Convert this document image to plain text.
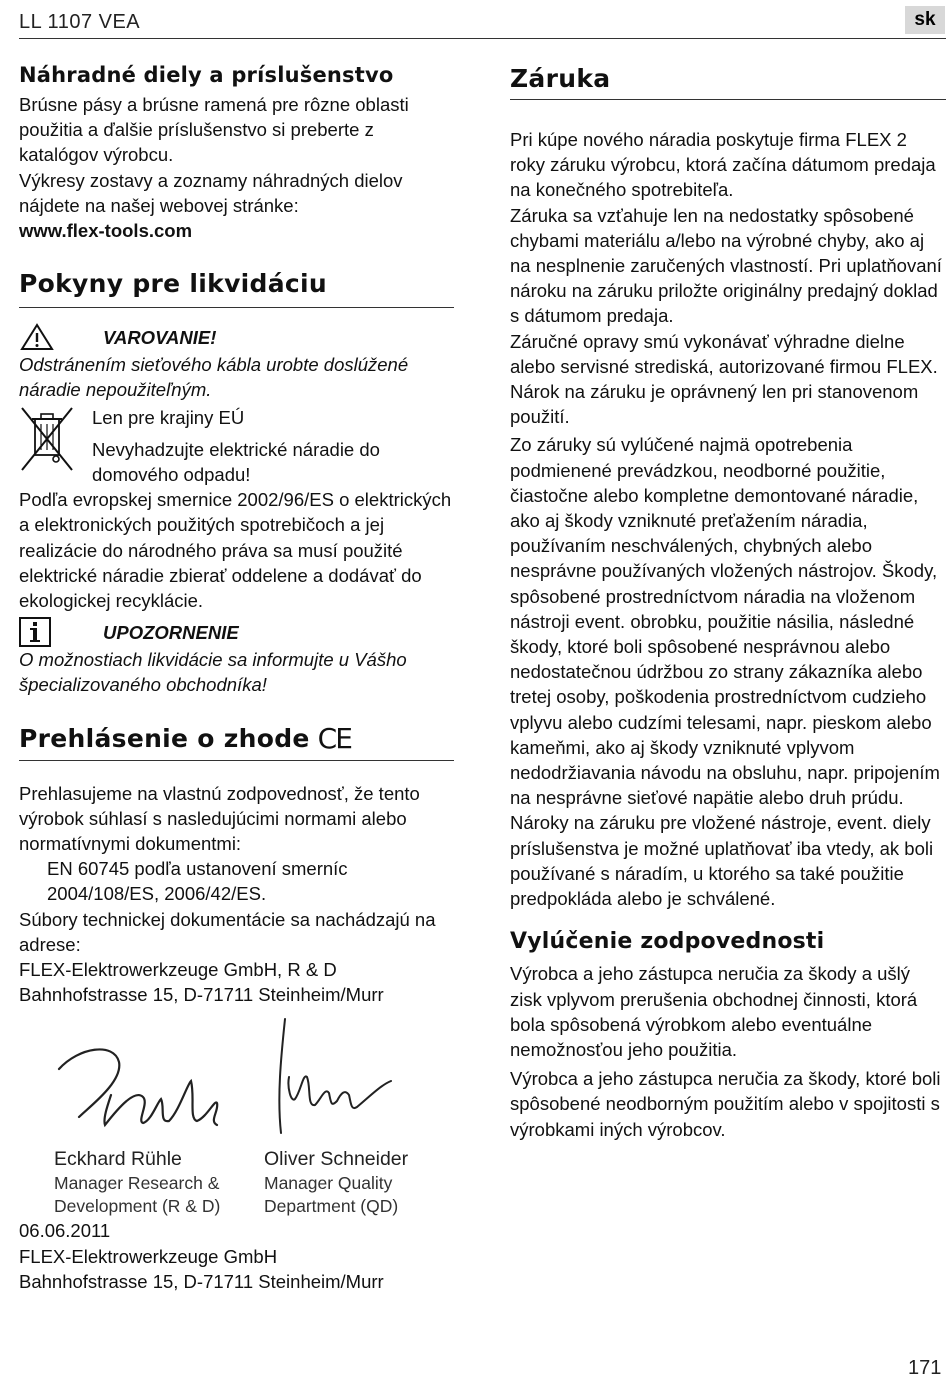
LL 1107 VEA	sk
Náhradné diely a príslušenstvo

Brúsne pásy a brúsne ramená pre rôzne oblasti použitia a ďalšie príslušenstvo si preberte z katalógov výrobcu.

Výkresy zostavy a zoznamy náhradných dielov nájdete na našej webovej stránke:

www.flex-tools.com

Pokyny pre likvidáciu
VAROVANIE!

Odstránením sieťového kábla urobte doslúžené náradie nepoužiteľným.

Len pre krajiny EÚ

Nevyhadzujte elektrické náradie do domového odpadu!

Podľa evropskej smernice 2002/96/ES o elektrických a elektronických použitých spotrebičoch a jej realizácie do národného práva sa musí použité elektrické náradie zbierať oddelene a dodávať do ekologickej recyklácie.

UPOZORNENIE

O možnostiach likvidácie sa informujte u Vášho špecializovaného obchodníka!

Prehlásenie o zhode CE

Prehlasujeme na vlastnú zodpovednosť, že tento výrobok súhlasí s nasledujúcimi normami alebo normatívnymi dokumentmi:

EN 60745 podľa ustanovení smerníc 2004/108/ES, 2006/42/ES.

Súbory technickej dokumentácie sa nachádzajú na adrese:

FLEX-Elektrowerkzeuge GmbH, R & D

Bahnhofstrasse 15, D-71711 Steinheim/Murr

Eckhard Rühle
Manager Research &
Development (R & D)
Oliver Schneider
Manager Quality
Department (QD)

06.06.2011

FLEX-Elektrowerkzeuge GmbH

Bahnhofstrasse 15, D-71711 Steinheim/Murr

Záruka

Pri kúpe nového náradia poskytuje firma FLEX 2 roky záruku výrobcu, ktorá začína dátumom predaja na konečného spotrebiteľa.

Záruka sa vzťahuje len na nedostatky spôsobené chybami materiálu a/lebo na výrobné chyby, ako aj na nesplnenie zaručených vlastností. Pri uplatňovaní nároku na záruku priložte originálny predajný doklad s dátumom predaja.

Záručné opravy smú vykonávať výhradne dielne alebo servisné strediská, autorizované firmou FLEX. Nárok na záruku je oprávnený len pri stanovenom použití.

Zo záruky sú vylúčené najmä opotrebenia podmienené prevádzkou, neodborné použitie, čiastočne alebo kompletne demontované náradie, ako aj škody vzniknuté preťažením náradia, používaním neschválených, chybných alebo nesprávne používaných vložených nástrojov. Škody, spôsobené prostredníctvom náradia na vloženom nástroji event. obrobku, použitie násilia, následné škody, ktoré boli spôsobené nesprávnou alebo nedostatečnou údržbou zo strany zákazníka alebo tretej osoby, poškodenia prostredníctvom cudzieho vplyvu alebo cudzími telesami, napr. pieskom alebo kameňmi, ako aj škody vzniknuté vplyvom nedodržiavania návodu na obsluhu, napr. pripojením na nesprávne sieťové napätie alebo druh prúdu. Nároky na záruku pre vložené nástroje, event. diely príslušenstva je možné uplatňovať iba vtedy, ak boli používané s náradím, u ktorého sa také použitie predpokláda alebo je schválené.

Vylúčenie zodpovednosti

Výrobca a jeho zástupca neručia za škody a ušlý zisk vplyvom prerušenia obchodnej činnosti, ktorá bola spôsobená výrobkom alebo eventuálne nemožnosťou jeho použitia.

Výrobca a jeho zástupca neručia za škody, ktoré boli spôsobené neodborným použitím alebo v spojitosti s výrobkami iných výrobcov.

171
